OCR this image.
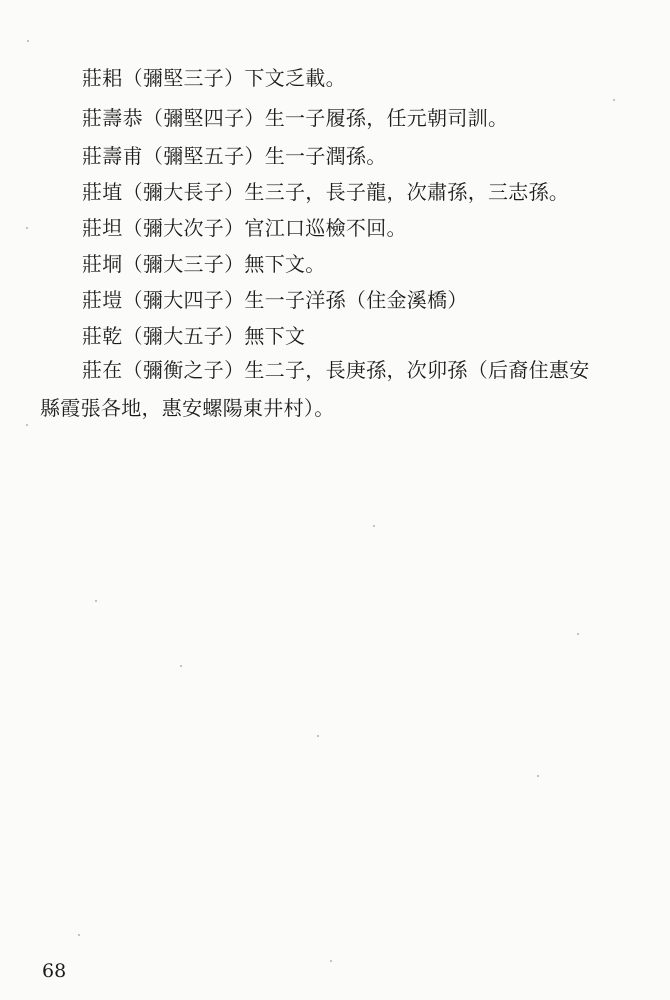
莊耜（彌堅三子）下文乏載。
莊壽恭（彌堅四子）生一子履孫，任元朝司訓。
莊壽甫（彌堅五子）生一子潤孫。
莊埴（彌大長子）生三子，長子龍，次肅孫，三志孫。
莊坦（彌大次子）官江口巡檢不回。
莊垌（彌大三子）無下文。
莊塏（彌大四子）生一子洋孫（住金溪橋）
莊乾（彌大五子）無下文
莊在（彌衡之子）生二子，長庚孫，次卯孫（后裔住惠安
縣霞張各地，惠安螺陽東井村）。
68
